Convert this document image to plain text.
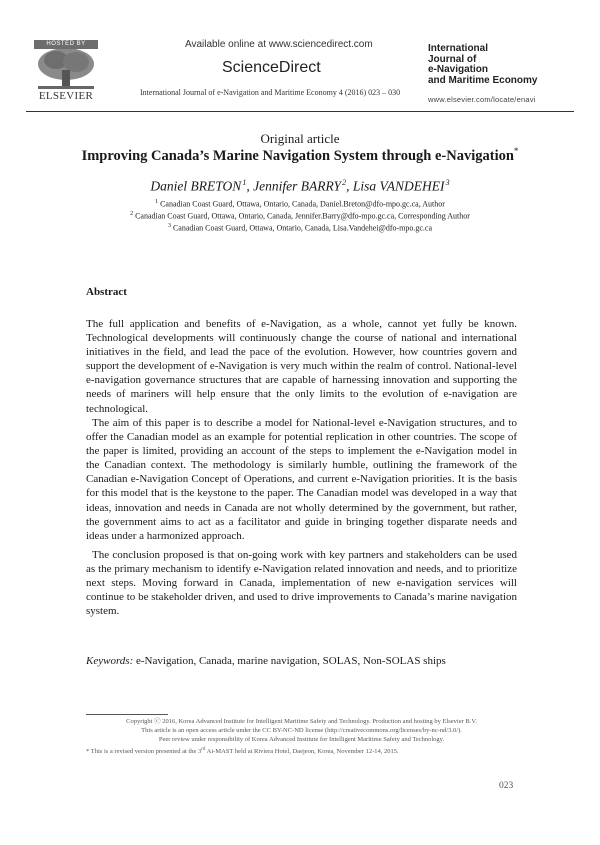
HOSTED BY
ELSEVIER
Available online at www.sciencedirect.com
ScienceDirect
International Journal of e-Navigation and Maritime Economy 4 (2016) 023 – 030
International
Journal of
e-Navigation
and Maritime Economy
www.elsevier.com/locate/enavi
Original article
Improving Canada’s Marine Navigation System through e-Navigation*
Daniel BRETON $^1$, Jennifer BARRY $^2$, Lisa VANDEHEI $^3$
$^1$ Canadian Coast Guard, Ottawa, Ontario, Canada, Daniel.Breton@dfo-mpo.gc.ca, Author
$^2$ Canadian Coast Guard, Ottawa, Ontario, Canada, Jennifer.Barry@dfo-mpo.gc.ca, Corresponding Author
$^3$ Canadian Coast Guard, Ottawa, Ontario, Canada, Lisa.Vandehei@dfo-mpo.gc.ca
Abstract
The full application and benefits of e-Navigation, as a whole, cannot yet fully be known. Technological developments will continuously change the course of national and international initiatives in the field, and lead the pace of the evolution. However, how countries govern and support the development of e-Navigation is very much within the realm of control. National-level e-navigation governance structures that are capable of harnessing innovation and supporting the needs of mariners will help ensure that the only limits to the evolution of e-navigation are technological.
The aim of this paper is to describe a model for National-level e-Navigation structures, and to offer the Canadian model as an example for potential replication in other countries. The scope of the paper is limited, providing an account of the steps to implement the e-Navigation model in the Canadian context. The methodology is similarly humble, outlining the framework of the Canadian e-Navigation Concept of Operations, and current e-Navigation priorities. It is the basis for this model that is the keystone to the paper. The Canadian model was developed in a way that ideas, innovation and needs in Canada are not wholly determined by the government, but rather, the government aims to act as a facilitator and guide in bringing together disparate needs and ideas under a harmonized approach.
The conclusion proposed is that on-going work with key partners and stakeholders can be used as the primary mechanism to identify e-Navigation related innovation and needs, and to prioritize next steps. Moving forward in Canada, implementation of new e-navigation services will continue to be stakeholder driven, and used to drive improvements to Canada’s marine navigation system.
Keywords: e-Navigation, Canada, marine navigation, SOLAS, Non-SOLAS ships
Copyright ⓒ 2016, Korea Advanced Institute for Intelligent Maritime Safety and Technology. Production and hosting by Elsevier B.V.
This article is an open access article under the CC BY-NC-ND license (http://creativecommons.org/licenses/by-nc-nd/3.0/).
Peer review under responsibility of Korea Advanced Institute for Intelligent Maritime Safety and Technology.
* This is a revised version presented at the 3rd Ai-MAST held at Riviera Hotel, Daejeon, Korea, November 12-14, 2015.
023
